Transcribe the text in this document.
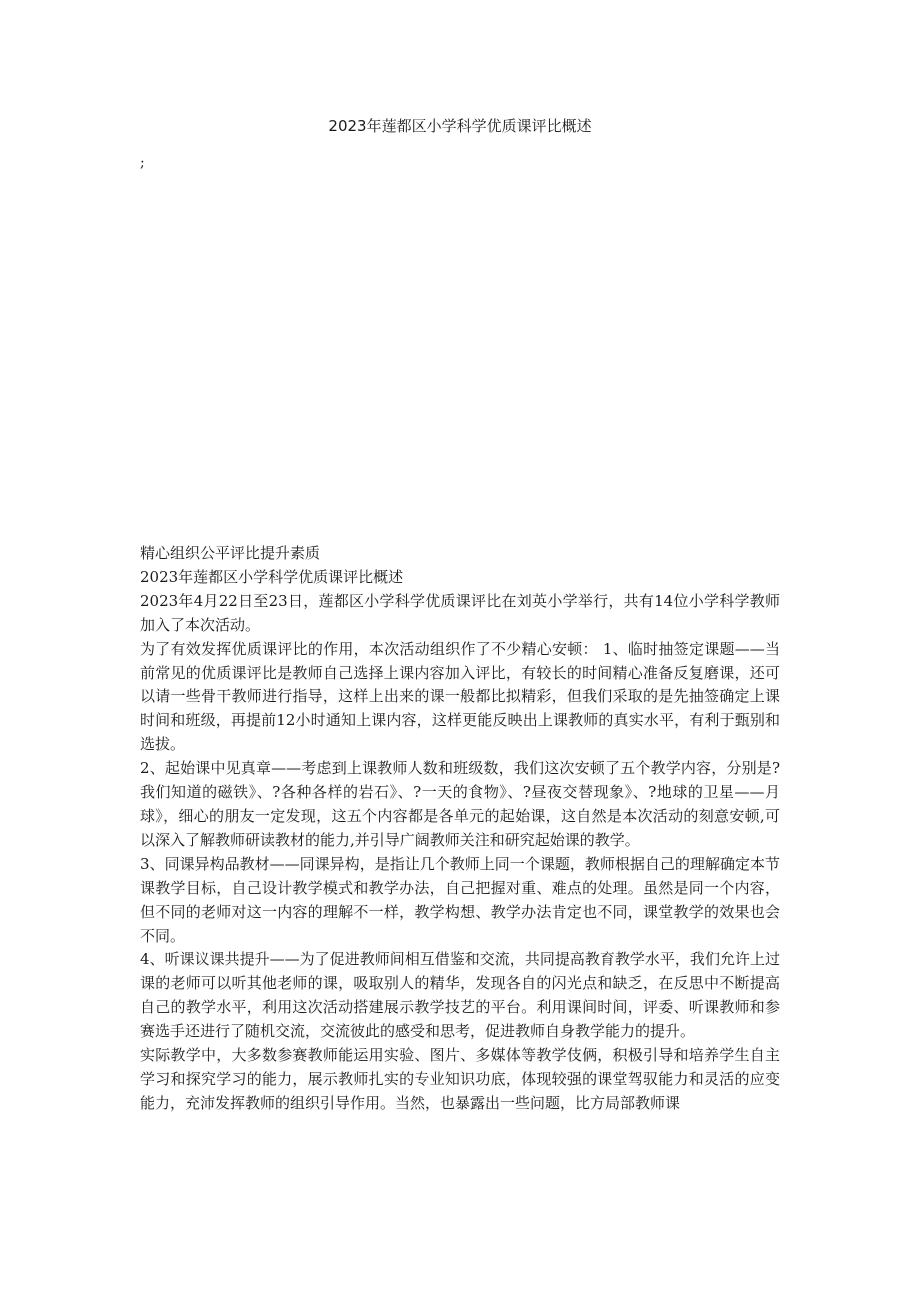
2023年莲都区小学科学优质课评比概述
;

精心组织公平评比提升素质

2023年莲都区小学科学优质课评比概述

2023年4月22日至23日，莲都区小学科学优质课评比在刘英小学举行，共有14位小学科学教师加入了本次活动。

为了有效发挥优质课评比的作用，本次活动组织作了不少精心安顿： 1、临时抽签定课题——当前常见的优质课评比是教师自己选择上课内容加入评比，有较长的时间精心准备反复磨课，还可以请一些骨干教师进行指导，这样上出来的课一般都比拟精彩，但我们采取的是先抽签确定上课时间和班级，再提前12小时通知上课内容，这样更能反映出上课教师的真实水平，有利于甄别和选拔。

2、起始课中见真章——考虑到上课教师人数和班级数，我们这次安顿了五个教学内容，分别是?我们知道的磁铁》、?各种各样的岩石》、?一天的食物》、?昼夜交替现象》、?地球的卫星——月球》，细心的朋友一定发现，这五个内容都是各单元的起始课，这自然是本次活动的刻意安顿,可以深入了解教师研读教材的能力,并引导广阔教师关注和研究起始课的教学。

3、同课异构品教材——同课异构，是指让几个教师上同一个课题，教师根据自己的理解确定本节课教学目标，自己设计教学模式和教学办法，自己把握对重、难点的处理。虽然是同一个内容，但不同的老师对这一内容的理解不一样，教学构想、教学办法肯定也不同，课堂教学的效果也会不同。

4、听课议课共提升——为了促进教师间相互借鉴和交流，共同提高教育教学水平，我们允许上过课的老师可以听其他老师的课，吸取别人的精华，发现各自的闪光点和缺乏，在反思中不断提高自己的教学水平，利用这次活动搭建展示教学技艺的平台。利用课间时间，评委、听课教师和参赛选手还进行了随机交流，交流彼此的感受和思考，促进教师自身教学能力的提升。

实际教学中，大多数参赛教师能运用实验、图片、多媒体等教学伎俩，积极引导和培养学生自主学习和探究学习的能力，展示教师扎实的专业知识功底，体现较强的课堂驾驭能力和灵活的应变能力，充沛发挥教师的组织引导作用。当然，也暴露出一些问题，比方局部教师课
